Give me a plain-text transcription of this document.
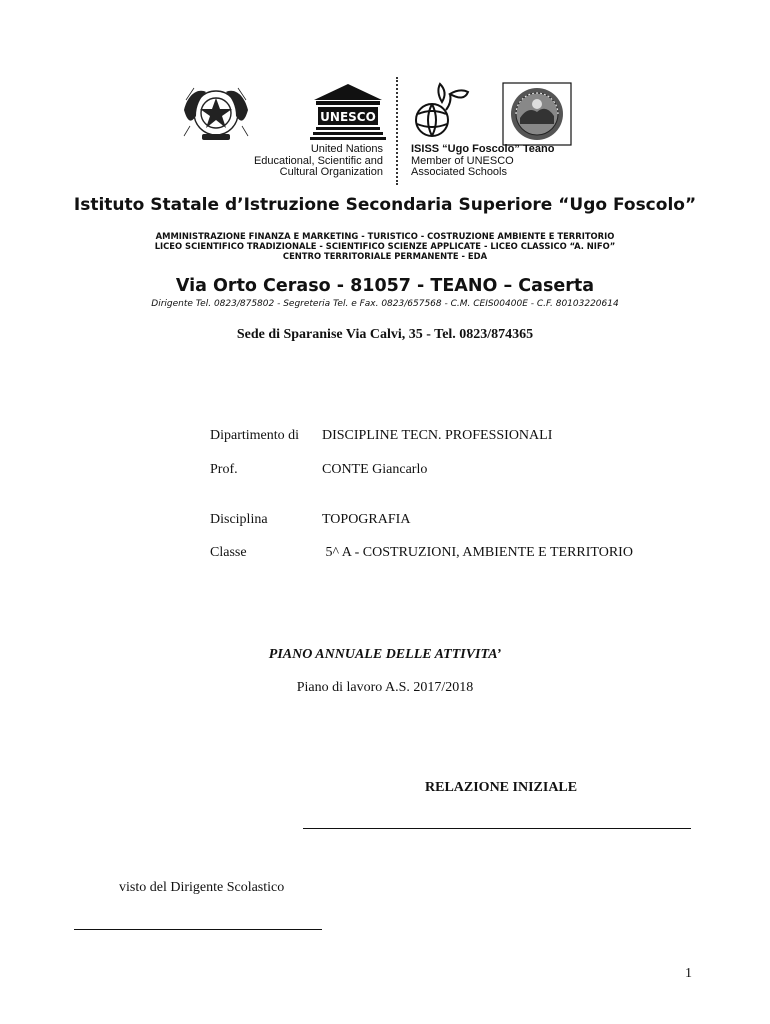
UNESCO
United Nations
Educational, Scientific and
Cultural Organization
ISISS “Ugo Foscolo” Teano
Member of UNESCO
Associated Schools
Istituto Statale d’Istruzione Secondaria Superiore “Ugo Foscolo”
AMMINISTRAZIONE FINANZA E MARKETING - TURISTICO - COSTRUZIONE AMBIENTE E TERRITORIO
LICEO SCIENTIFICO TRADIZIONALE - SCIENTIFICO SCIENZE APPLICATE - LICEO CLASSICO “A. NIFO”
CENTRO TERRITORIALE PERMANENTE - EDA
Via Orto Ceraso - 81057 - TEANO – Caserta
Dirigente Tel. 0823/875802 - Segreteria Tel. e Fax. 0823/657568 - C.M. CEIS00400E - C.F. 80103220614
Sede di Sparanise Via Calvi, 35 - Tel. 0823/874365
Dipartimento di DISCIPLINE TECN. PROFESSIONALI
Prof.	CONTE Giancarlo
Disciplina	TOPOGRAFIA
Classe	5^ A - COSTRUZIONI, AMBIENTE E TERRITORIO
PIANO ANNUALE DELLE ATTIVITA’
Piano di lavoro A.S. 2017/2018
RELAZIONE INIZIALE
visto del Dirigente Scolastico
1
